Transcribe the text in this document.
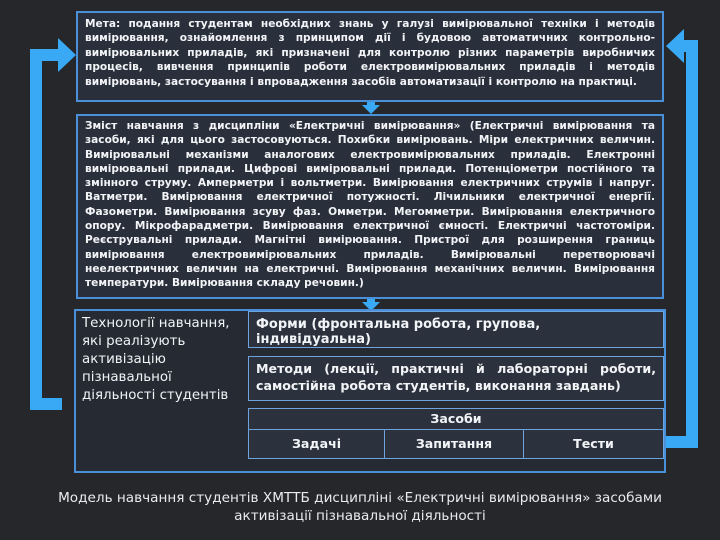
Мета: подання студентам необхідних знань у галузі вимірювальної техніки і методів вимірювання, ознайомлення з принципом дії і будовою автоматичних контрольно-вимірювальних приладів, які призначені для контролю різних параметрів виробничих процесів, вивчення принципів роботи електровимірювальних приладів і методів вимірювань, застосування і впровадження засобів автоматизації і контролю на практиці.
Зміст навчання з дисципліни «Електричні вимірювання» (Електричні вимірювання та засоби, які для цього застосовуються. Похибки вимірювань. Міри електричних величин. Вимірювальні механізми аналогових електровимірювальних приладів. Електронні вимірювальні прилади. Цифрові вимірювальні прилади. Потенціометри постійного та змінного струму. Амперметри і вольтметри. Вимірювання електричних струмів і напруг. Ватметри. Вимірювання електричної потужності. Лічильники електричної енергії. Фазометри. Вимірювання зсуву фаз. Омметри. Мегомметри. Вимірювання електричного опору. Мікрофарадметри. Вимірювання електричної ємності. Електричні частотоміри. Реєструвальні прилади. Магнітні вимірювання. Пристрої для розширення границь вимірювання електровимірювальних приладів. Вимірювальні перетворювачі неелектричних величин на електричні. Вимірювання механічних величин. Вимірювання температури. Вимірювання складу речовин.)
Технології навчання, які реалізують активізацію пізнавальної діяльності студентів
Форми (фронтальна робота, групова, індивідуальна)
Методи (лекції, практичні й лабораторні роботи, самостійна робота студентів, виконання завдань)
Засоби
Задачі	Запитання	Тести
Модель навчання студентів ХМТТБ дисципліні «Електричні вимірювання» засобами
активізації пізнавальної діяльності
